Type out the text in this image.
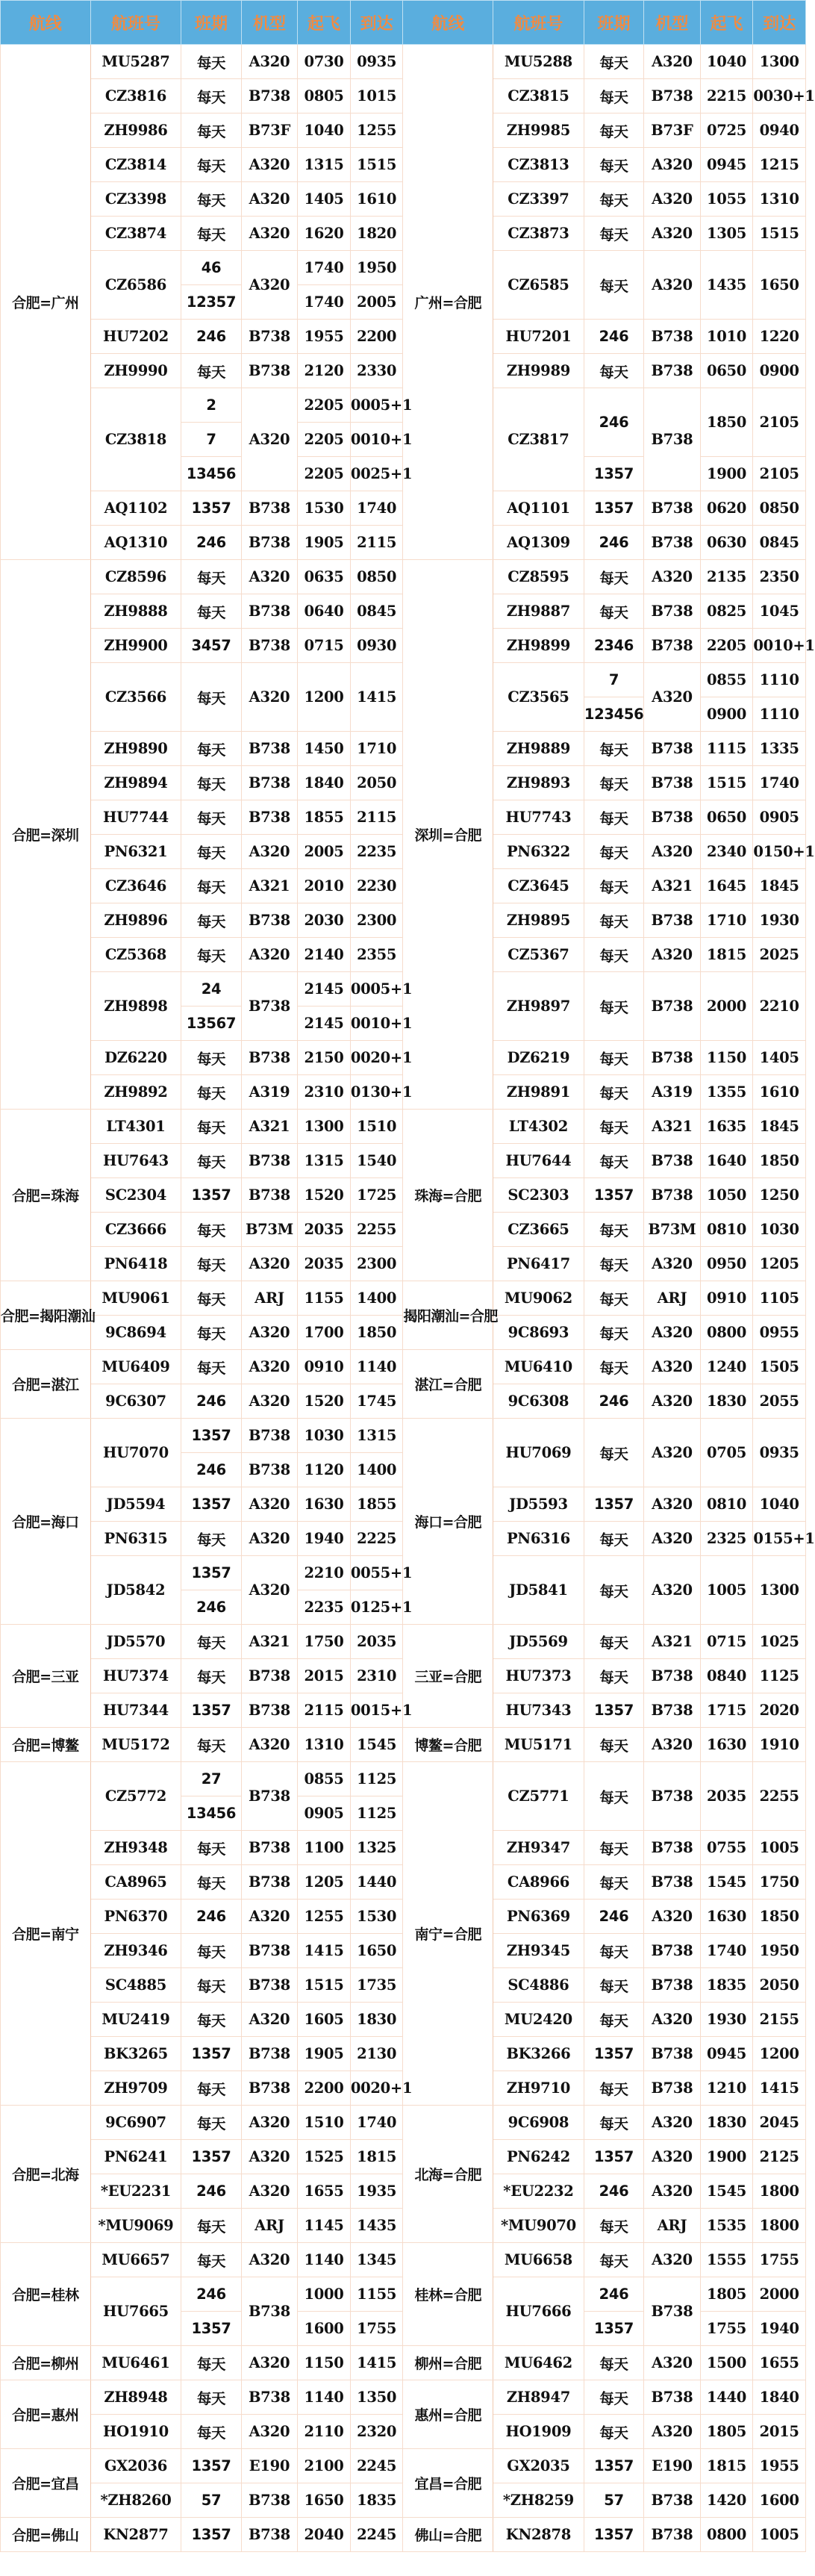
航线	航班号	班期	机型	起飞	到达	航线	航班号	班期	机型	起飞	到达
合肥=广州	MU5287	每天	A320	0730	0935	广州=合肥	MU5288	每天	A320	1040	1300
	CZ3816	每天	B738	0805	1015		CZ3815	每天	B738	2215	0030+1
	ZH9986	每天	B73F	1040	1255		ZH9985	每天	B73F	0725	0940
	CZ3814	每天	A320	1315	1515		CZ3813	每天	A320	0945	1215
	CZ3398	每天	A320	1405	1610		CZ3397	每天	A320	1055	1310
	CZ3874	每天	A320	1620	1820		CZ3873	每天	A320	1305	1515
	CZ6586	46	A320	1740	1950		CZ6585	每天	A320	1435	1650
		12357		1740	2005						
	HU7202	246	B738	1955	2200		HU7201	246	B738	1010	1220
	ZH9990	每天	B738	2120	2330		ZH9989	每天	B738	0650	0900
	CZ3818	2	A320	2205	0005+1		CZ3817	246	B738	1850	2105
		7		2205	0010+1						
		13456		2205	0025+1			1357		1900	2105
	AQ1102	1357	B738	1530	1740		AQ1101	1357	B738	0620	0850
	AQ1310	246	B738	1905	2115		AQ1309	246	B738	0630	0845
合肥=深圳	CZ8596	每天	A320	0635	0850	深圳=合肥	CZ8595	每天	A320	2135	2350
	ZH9888	每天	B738	0640	0845		ZH9887	每天	B738	0825	1045
	ZH9900	3457	B738	0715	0930		ZH9899	2346	B738	2205	0010+1
	CZ3566	每天	A320	1200	1415		CZ3565	7	A320	0855	1110
								123456		0900	1110
	ZH9890	每天	B738	1450	1710		ZH9889	每天	B738	1115	1335
	ZH9894	每天	B738	1840	2050		ZH9893	每天	B738	1515	1740
	HU7744	每天	B738	1855	2115		HU7743	每天	B738	0650	0905
	PN6321	每天	A320	2005	2235		PN6322	每天	A320	2340	0150+1
	CZ3646	每天	A321	2010	2230		CZ3645	每天	A321	1645	1845
	ZH9896	每天	B738	2030	2300		ZH9895	每天	B738	1710	1930
	CZ5368	每天	A320	2140	2355		CZ5367	每天	A320	1815	2025
	ZH9898	24	B738	2145	0005+1		ZH9897	每天	B738	2000	2210
		13567		2145	0010+1						
	DZ6220	每天	B738	2150	0020+1		DZ6219	每天	B738	1150	1405
	ZH9892	每天	A319	2310	0130+1		ZH9891	每天	A319	1355	1610
合肥=珠海	LT4301	每天	A321	1300	1510	珠海=合肥	LT4302	每天	A321	1635	1845
	HU7643	每天	B738	1315	1540		HU7644	每天	B738	1640	1850
	SC2304	1357	B738	1520	1725		SC2303	1357	B738	1050	1250
	CZ3666	每天	B73M	2035	2255		CZ3665	每天	B73M	0810	1030
	PN6418	每天	A320	2035	2300		PN6417	每天	A320	0950	1205
合肥=揭阳潮汕	MU9061	每天	ARJ	1155	1400	揭阳潮汕=合肥	MU9062	每天	ARJ	0910	1105
	9C8694	每天	A320	1700	1850		9C8693	每天	A320	0800	0955
合肥=湛江	MU6409	每天	A320	0910	1140	湛江=合肥	MU6410	每天	A320	1240	1505
	9C6307	246	A320	1520	1745		9C6308	246	A320	1830	2055
合肥=海口	HU7070	1357	B738	1030	1315	海口=合肥	HU7069	每天	A320	0705	0935
		246	B738	1120	1400						
	JD5594	1357	A320	1630	1855		JD5593	1357	A320	0810	1040
	PN6315	每天	A320	1940	2225		PN6316	每天	A320	2325	0155+1
	JD5842	1357	A320	2210	0055+1		JD5841	每天	A320	1005	1300
		246		2235	0125+1						
合肥=三亚	JD5570	每天	A321	1750	2035	三亚=合肥	JD5569	每天	A321	0715	1025
	HU7374	每天	B738	2015	2310		HU7373	每天	B738	0840	1125
	HU7344	1357	B738	2115	0015+1		HU7343	1357	B738	1715	2020
合肥=博鳌	MU5172	每天	A320	1310	1545	博鳌=合肥	MU5171	每天	A320	1630	1910
合肥=南宁	CZ5772	27	B738	0855	1125	南宁=合肥	CZ5771	每天	B738	2035	2255
		13456		0905	1125						
	ZH9348	每天	B738	1100	1325		ZH9347	每天	B738	0755	1005
	CA8965	每天	B738	1205	1440		CA8966	每天	B738	1545	1750
	PN6370	246	A320	1255	1530		PN6369	246	A320	1630	1850
	ZH9346	每天	B738	1415	1650		ZH9345	每天	B738	1740	1950
	SC4885	每天	B738	1515	1735		SC4886	每天	B738	1835	2050
	MU2419	每天	A320	1605	1830		MU2420	每天	A320	1930	2155
	BK3265	1357	B738	1905	2130		BK3266	1357	B738	0945	1200
	ZH9709	每天	B738	2200	0020+1		ZH9710	每天	B738	1210	1415
合肥=北海	9C6907	每天	A320	1510	1740	北海=合肥	9C6908	每天	A320	1830	2045
	PN6241	1357	A320	1525	1815		PN6242	1357	A320	1900	2125
	*EU2231	246	A320	1655	1935		*EU2232	246	A320	1545	1800
	*MU9069	每天	ARJ	1145	1435		*MU9070	每天	ARJ	1535	1800
合肥=桂林	MU6657	每天	A320	1140	1345	桂林=合肥	MU6658	每天	A320	1555	1755
	HU7665	246	B738	1000	1155		HU7666	246	B738	1805	2000
		1357		1600	1755			1357		1755	1940
合肥=柳州	MU6461	每天	A320	1150	1415	柳州=合肥	MU6462	每天	A320	1500	1655
合肥=惠州	ZH8948	每天	B738	1140	1350	惠州=合肥	ZH8947	每天	B738	1440	1840
	HO1910	每天	A320	2110	2320		HO1909	每天	A320	1805	2015
合肥=宜昌	GX2036	1357	E190	2100	2245	宜昌=合肥	GX2035	1357	E190	1815	1955
	*ZH8260	57	B738	1650	1835		*ZH8259	57	B738	1420	1600
合肥=佛山	KN2877	1357	B738	2040	2245	佛山=合肥	KN2878	1357	B738	0800	1005
